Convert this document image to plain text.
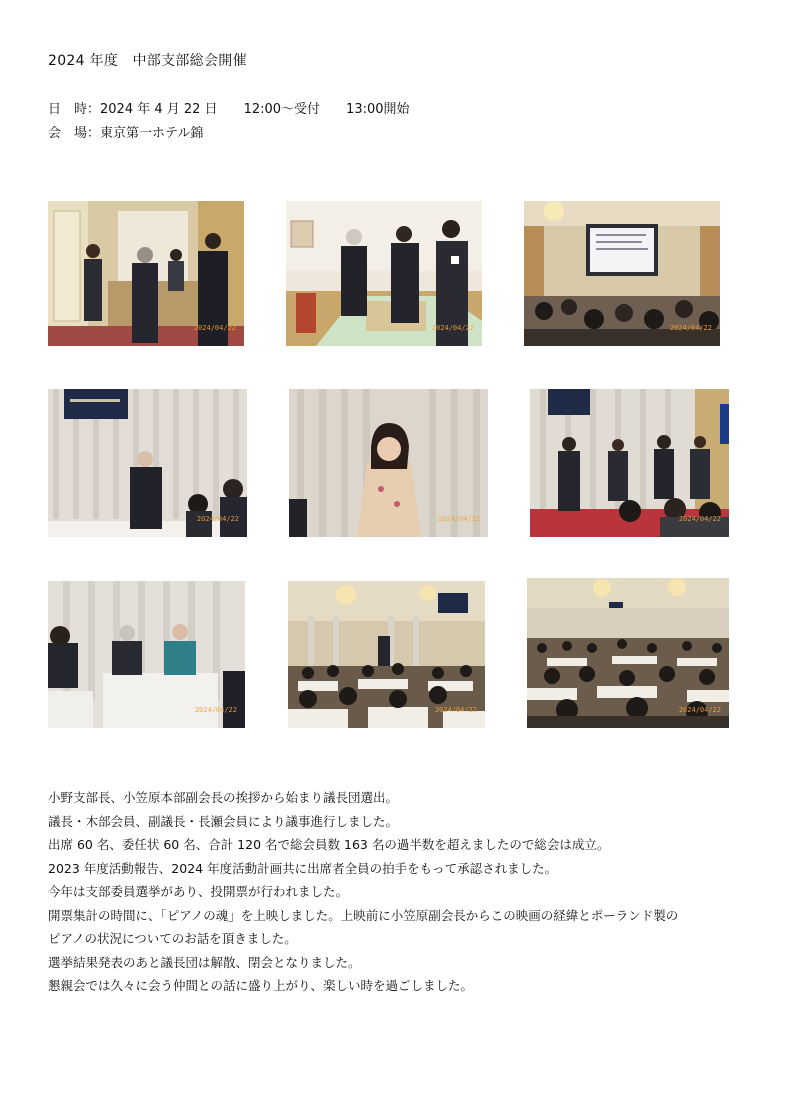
2024 年度　中部支部総会開催
日　時：2024 年 4 月 22 日 12:00～受付 13:00開始
会　場：東京第一ホテル錦
2024/04/22	2024/04/22	2024/04/22
2024/04/22	2024/04/22	2024/04/22
2024/04/22	2024/04/22	2024/04/22

小野支部長、小笠原本部副会長の挨拶から始まり議長団選出。

議長・木部会員、副議長・長瀬会員により議事進行しました。

出席 60 名、委任状 60 名、合計 120 名で総会員数 163 名の過半数を超えましたので総会は成立。

2023 年度活動報告、2024 年度活動計画共に出席者全員の拍手をもって承認されました。

今年は支部委員選挙があり、投開票が行われました。

開票集計の時間に、「ピアノの魂」を上映しました。上映前に小笠原副会長からこの映画の経緯とポーランド製の

ピアノの状況についてのお話を頂きました。

選挙結果発表のあと議長団は解散、閉会となりました。

懇親会では久々に会う仲間との話に盛り上がり、楽しい時を過ごしました。
